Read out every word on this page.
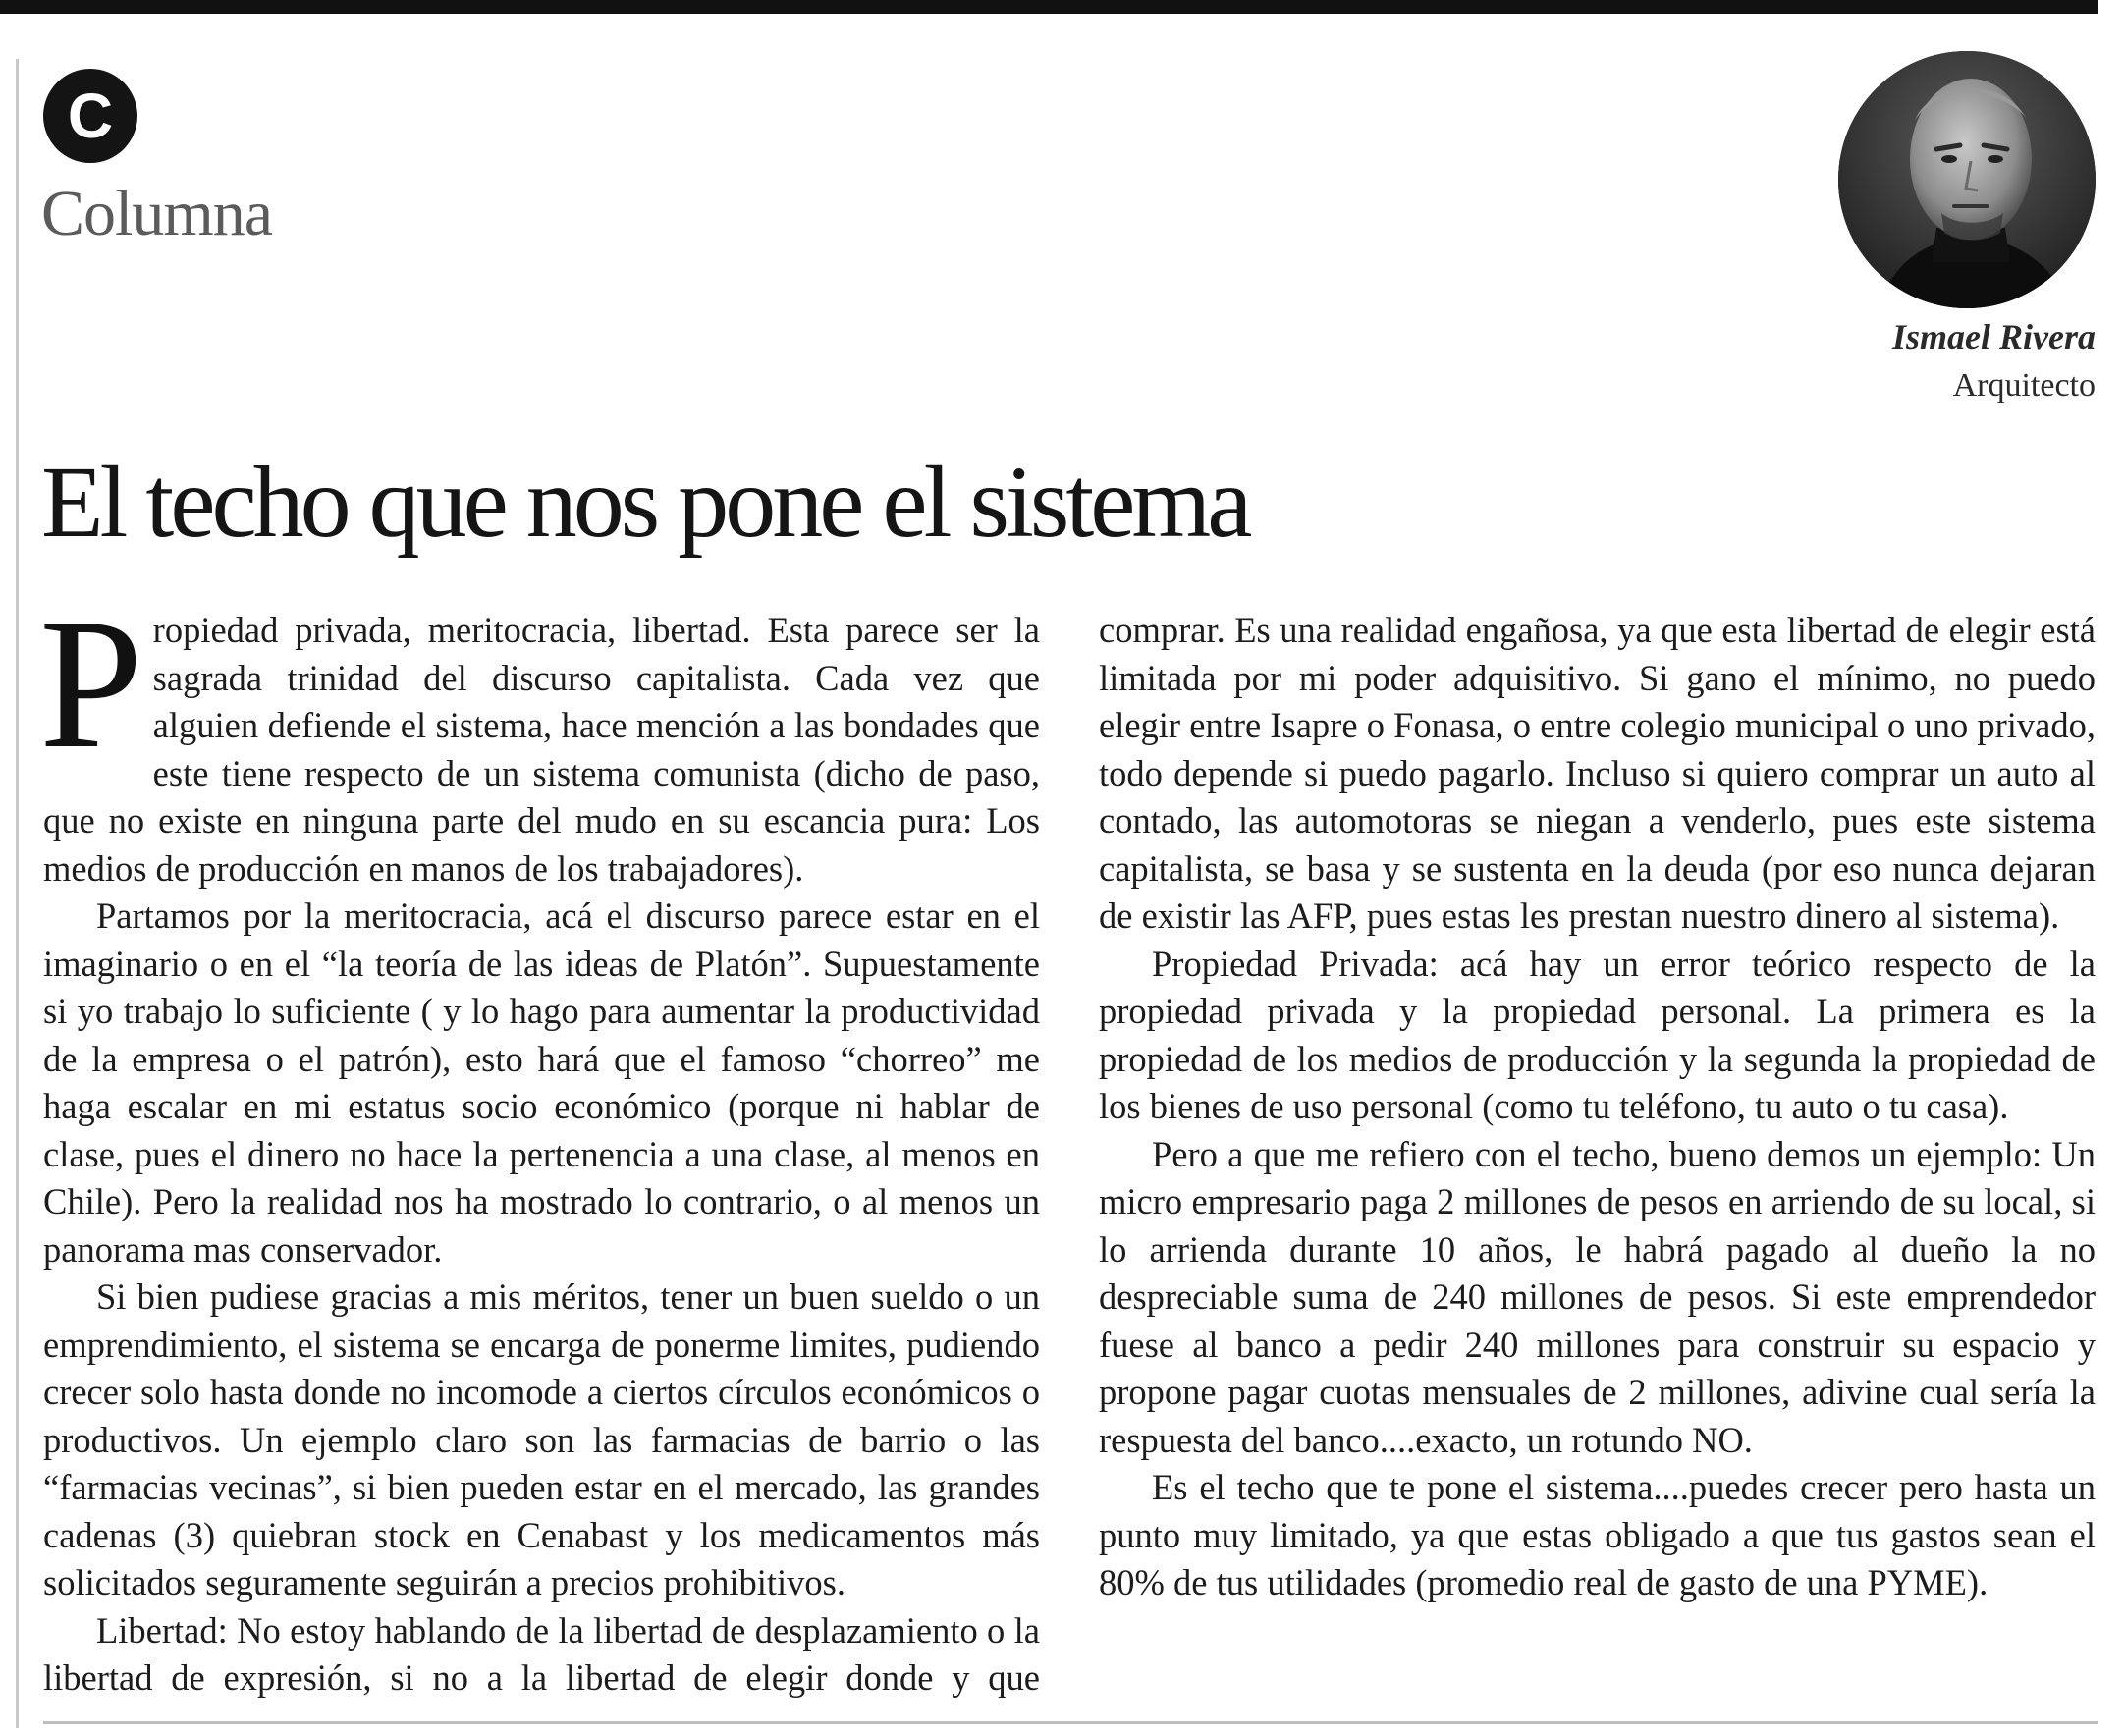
C
Columna
Ismael Rivera
Arquitecto
El techo que nos pone el sistema

Propiedad privada, meritocracia, libertad. Esta parece ser la sagrada trinidad del discurso capitalista. Cada vez que alguien defiende el sistema, hace mención a las bondades que este tiene respecto de un sistema comunista (dicho de paso, que no existe en ninguna parte del mudo en su escancia pura: Los medios de producción en manos de los trabajadores).

Partamos por la meritocracia, acá el discurso parece estar en el imaginario o en el “la teoría de las ideas de Platón”. Supuestamente si yo trabajo lo suficiente ( y lo hago para aumentar la productividad de la empresa o el patrón), esto hará que el famoso “chorreo” me haga escalar en mi estatus socio económico (porque ni hablar de clase, pues el dinero no hace la pertenencia a una clase, al menos en Chile). Pero la realidad nos ha mostrado lo contrario, o al menos un panorama mas conservador.

Si bien pudiese gracias a mis méritos, tener un buen sueldo o un emprendimiento, el sistema se encarga de ponerme limites, pudiendo crecer solo hasta donde no incomode a ciertos círculos económicos o productivos. Un ejemplo claro son las farmacias de barrio o las “farmacias vecinas”, si bien pueden estar en el mercado, las grandes cadenas (3) quiebran stock en Cenabast y los medicamentos más solicitados seguramente seguirán a precios prohibitivos.

Libertad: No estoy hablando de la libertad de desplazamiento o la libertad de expresión, si no a la libertad de elegir donde y que comprar. Es una realidad engañosa, ya que esta libertad de elegir está limitada por mi poder adquisitivo. Si gano el mínimo, no puedo elegir entre Isapre o Fonasa, o entre colegio municipal o uno privado, todo depende si puedo pagarlo. Incluso si quiero comprar un auto al contado, las automotoras se niegan a venderlo, pues este sistema capitalista, se basa y se sustenta en la deuda (por eso nunca dejaran de existir las AFP, pues estas les prestan nuestro dinero al sistema).

Propiedad Privada: acá hay un error teórico respecto de la propiedad privada y la propiedad personal. La primera es la propiedad de los medios de producción y la segunda la propiedad de los bienes de uso personal (como tu teléfono, tu auto o tu casa).

Pero a que me refiero con el techo, bueno demos un ejemplo: Un micro empresario paga 2 millones de pesos en arriendo de su local, si lo arrienda durante 10 años, le habrá pagado al dueño la no despreciable suma de 240 millones de pesos. Si este emprendedor fuese al banco a pedir 240 millones para construir su espacio y propone pagar cuotas mensuales de 2 millones, adivine cual sería la respuesta del banco....exacto, un rotundo NO.

Es el techo que te pone el sistema....puedes crecer pero hasta un punto muy limitado, ya que estas obligado a que tus gastos sean el 80% de tus utilidades (promedio real de gasto de una PYME).
